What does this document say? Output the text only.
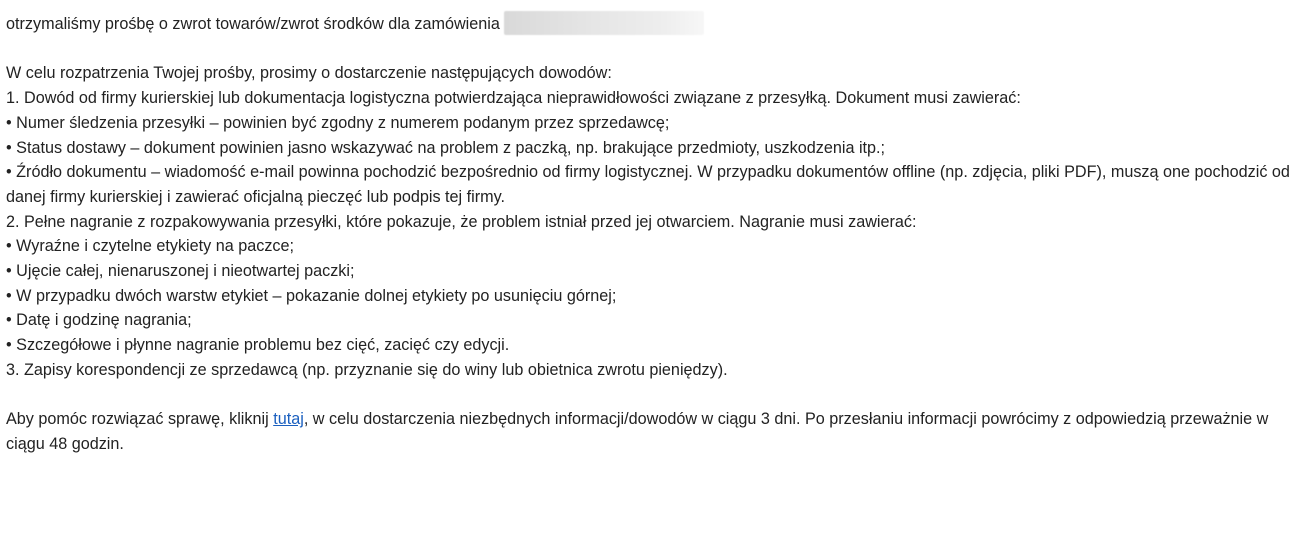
otrzymaliśmy prośbę o zwrot towarów/zwrot środków dla zamówienia

W celu rozpatrzenia Twojej prośby, prosimy o dostarczenie następujących dowodów:

1. Dowód od firmy kurierskiej lub dokumentacja logistyczna potwierdzająca nieprawidłowości związane z przesyłką. Dokument musi zawierać:

• Numer śledzenia przesyłki – powinien być zgodny z numerem podanym przez sprzedawcę;

• Status dostawy – dokument powinien jasno wskazywać na problem z paczką, np. brakujące przedmioty, uszkodzenia itp.;

• Źródło dokumentu – wiadomość e-mail powinna pochodzić bezpośrednio od firmy logistycznej. W przypadku dokumentów offline (np. zdjęcia, pliki PDF), muszą one pochodzić od danej firmy kurierskiej i zawierać oficjalną pieczęć lub podpis tej firmy.

2. Pełne nagranie z rozpakowywania przesyłki, które pokazuje, że problem istniał przed jej otwarciem. Nagranie musi zawierać:

• Wyraźne i czytelne etykiety na paczce;

• Ujęcie całej, nienaruszonej i nieotwartej paczki;

• W przypadku dwóch warstw etykiet – pokazanie dolnej etykiety po usunięciu górnej;

• Datę i godzinę nagrania;

• Szczegółowe i płynne nagranie problemu bez cięć, zacięć czy edycji.

3. Zapisy korespondencji ze sprzedawcą (np. przyznanie się do winy lub obietnica zwrotu pieniędzy).

Aby pomóc rozwiązać sprawę, kliknij tutaj, w celu dostarczenia niezbędnych informacji/dowodów w ciągu 3 dni. Po przesłaniu informacji powrócimy z odpowiedzią przeważnie w ciągu 48 godzin.
